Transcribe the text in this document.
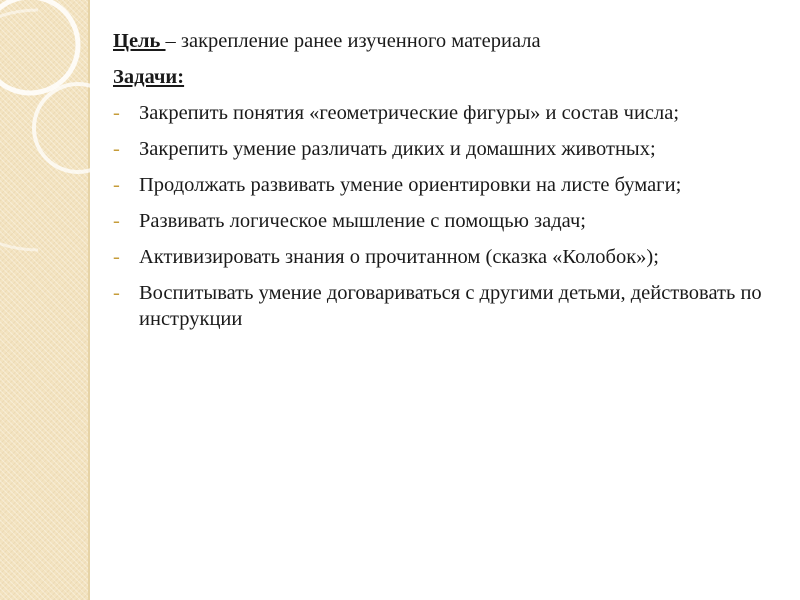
Цель – закрепление ранее изученного материала
Задачи:
- Закрепить понятия «геометрические фигуры» и состав числа;
- Закрепить умение различать диких и домашних животных;
- Продолжать развивать умение ориентировки на листе бумаги;
- Развивать логическое мышление с помощью задач;
- Активизировать знания о прочитанном (сказка «Колобок»);
- Воспитывать умение договариваться с другими детьми, действовать по инструкции
